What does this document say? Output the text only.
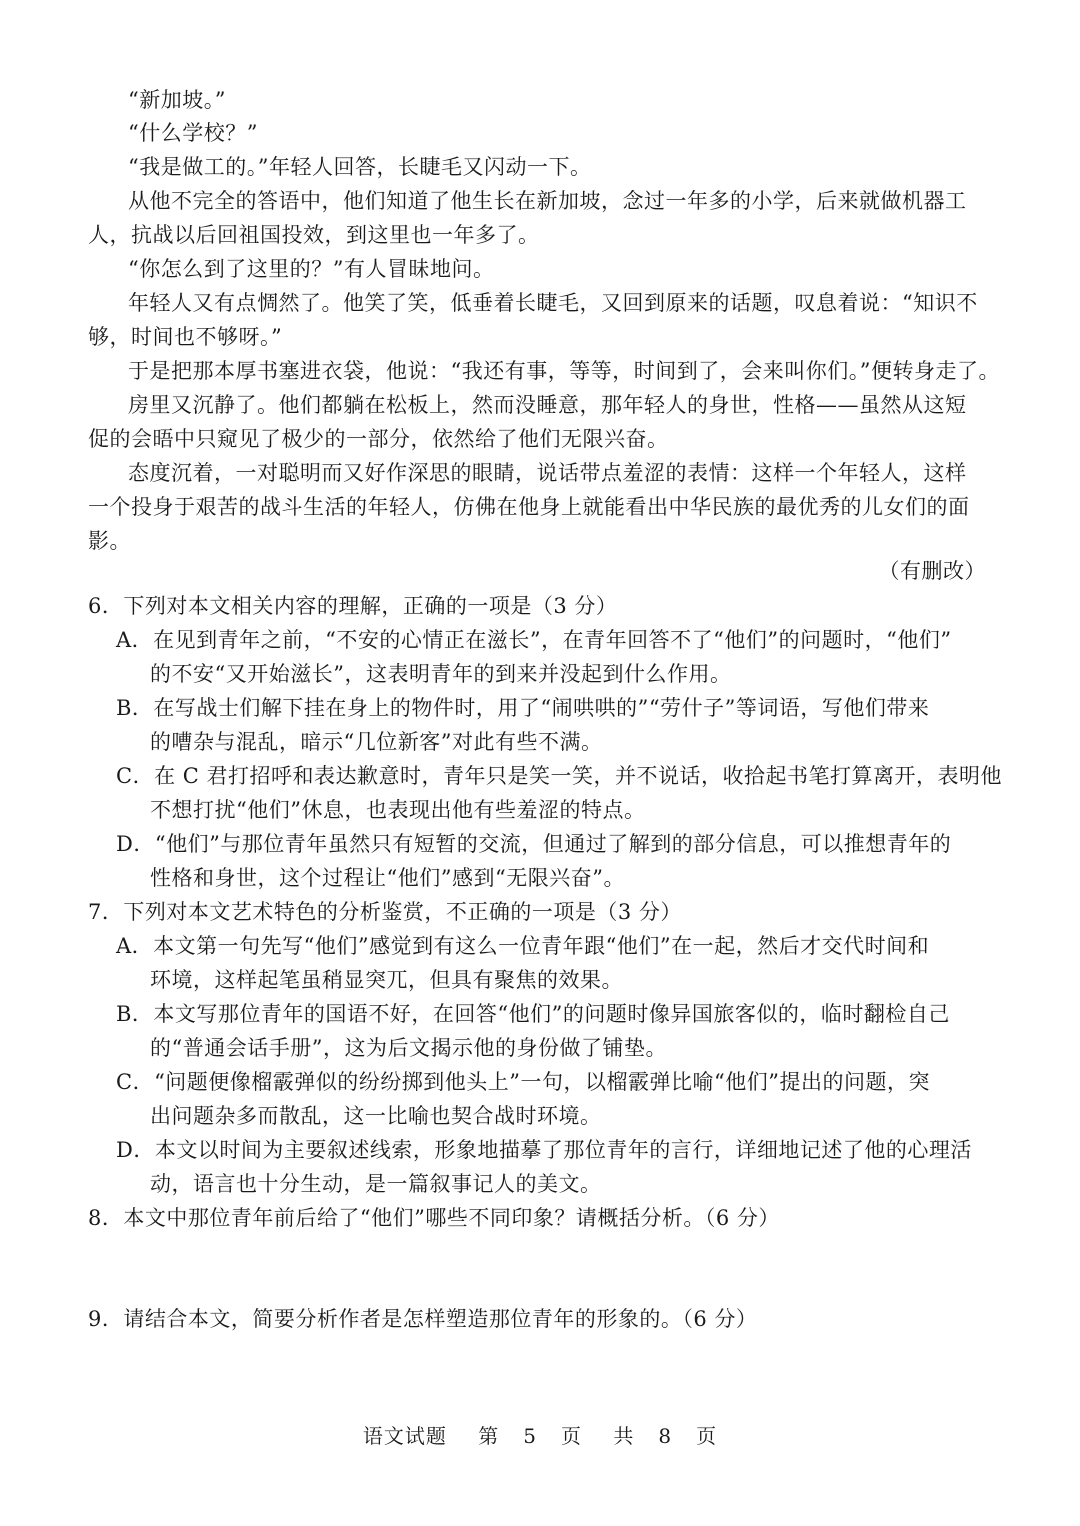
“新加坡。”
“什么学校？”
“我是做工的。”年轻人回答，长睫毛又闪动一下。
从他不完全的答语中，他们知道了他生长在新加坡，念过一年多的小学，后来就做机器工
人，抗战以后回祖国投效，到这里也一年多了。
“你怎么到了这里的？”有人冒昧地问。
年轻人又有点惆然了。他笑了笑，低垂着长睫毛，又回到原来的话题，叹息着说：“知识不
够，时间也不够呀。”
于是把那本厚书塞进衣袋，他说：“我还有事，等等，时间到了，会来叫你们。”便转身走了。
房里又沉静了。他们都躺在松板上，然而没睡意，那年轻人的身世，性格——虽然从这短
促的会晤中只窥见了极少的一部分，依然给了他们无限兴奋。
态度沉着，一对聪明而又好作深思的眼睛，说话带点羞涩的表情：这样一个年轻人，这样
一个投身于艰苦的战斗生活的年轻人，仿佛在他身上就能看出中华民族的最优秀的儿女们的面
影。
（有删改）
6．下列对本文相关内容的理解，正确的一项是（3 分）
A．在见到青年之前，“不安的心情正在滋长”，在青年回答不了“他们”的问题时，“他们”
的不安“又开始滋长”，这表明青年的到来并没起到什么作用。
B．在写战士们解下挂在身上的物件时，用了“闹哄哄的”“劳什子”等词语，写他们带来
的嘈杂与混乱，暗示“几位新客”对此有些不满。
C．在 C 君打招呼和表达歉意时，青年只是笑一笑，并不说话，收拾起书笔打算离开，表明他
不想打扰“他们”休息，也表现出他有些羞涩的特点。
D．“他们”与那位青年虽然只有短暂的交流，但通过了解到的部分信息，可以推想青年的
性格和身世，这个过程让“他们”感到“无限兴奋”。
7．下列对本文艺术特色的分析鉴赏，不正确的一项是（3 分）
A．本文第一句先写“他们”感觉到有这么一位青年跟“他们”在一起，然后才交代时间和
环境，这样起笔虽稍显突兀，但具有聚焦的效果。
B．本文写那位青年的国语不好，在回答“他们”的问题时像异国旅客似的，临时翻检自己
的“普通会话手册”，这为后文揭示他的身份做了铺垫。
C．“问题便像榴霰弹似的纷纷掷到他头上”一句，以榴霰弹比喻“他们”提出的问题，突
出问题杂多而散乱，这一比喻也契合战时环境。
D．本文以时间为主要叙述线索，形象地描摹了那位青年的言行，详细地记述了他的心理活
动，语言也十分生动，是一篇叙事记人的美文。
8．本文中那位青年前后给了“他们”哪些不同印象？请概括分析。（6 分）
9．请结合本文，简要分析作者是怎样塑造那位青年的形象的。（6 分）
语文试题 第 5 页 共 8 页
